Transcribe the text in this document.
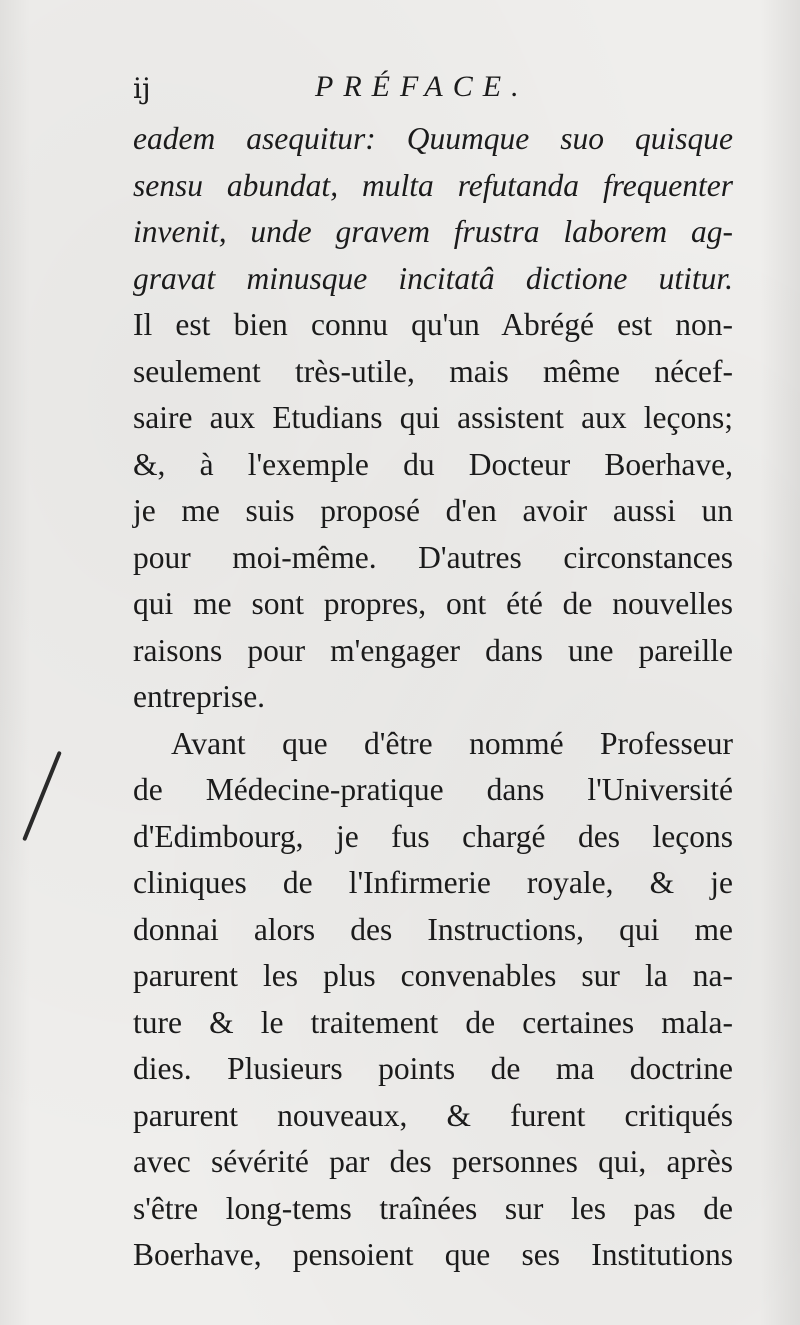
ij	PRÉFACE.
eadem asequitur: Quumque suo quisque
sensu abundat, multa refutanda frequenter
invenit, unde gravem frustra laborem ag-
gravat minusque incitatâ dictione utitur.
Il est bien connu qu'un Abrégé est non-
seulement très-utile, mais même nécef-
saire aux Etudians qui assistent aux leçons;
&, à l'exemple du Docteur Boerhave,
je me suis proposé d'en avoir aussi un
pour moi-même. D'autres circonstances
qui me sont propres, ont été de nouvelles
raisons pour m'engager dans une pareille
entreprise.
Avant que d'être nommé Professeur
de Médecine-pratique dans l'Université
d'Edimbourg, je fus chargé des leçons
cliniques de l'Infirmerie royale, & je
donnai alors des Instructions, qui me
parurent les plus convenables sur la na-
ture & le traitement de certaines mala-
dies. Plusieurs points de ma doctrine
parurent nouveaux, & furent critiqués
avec sévérité par des personnes qui, après
s'être long-tems traînées sur les pas de
Boerhave, pensoient que ses Institutions
